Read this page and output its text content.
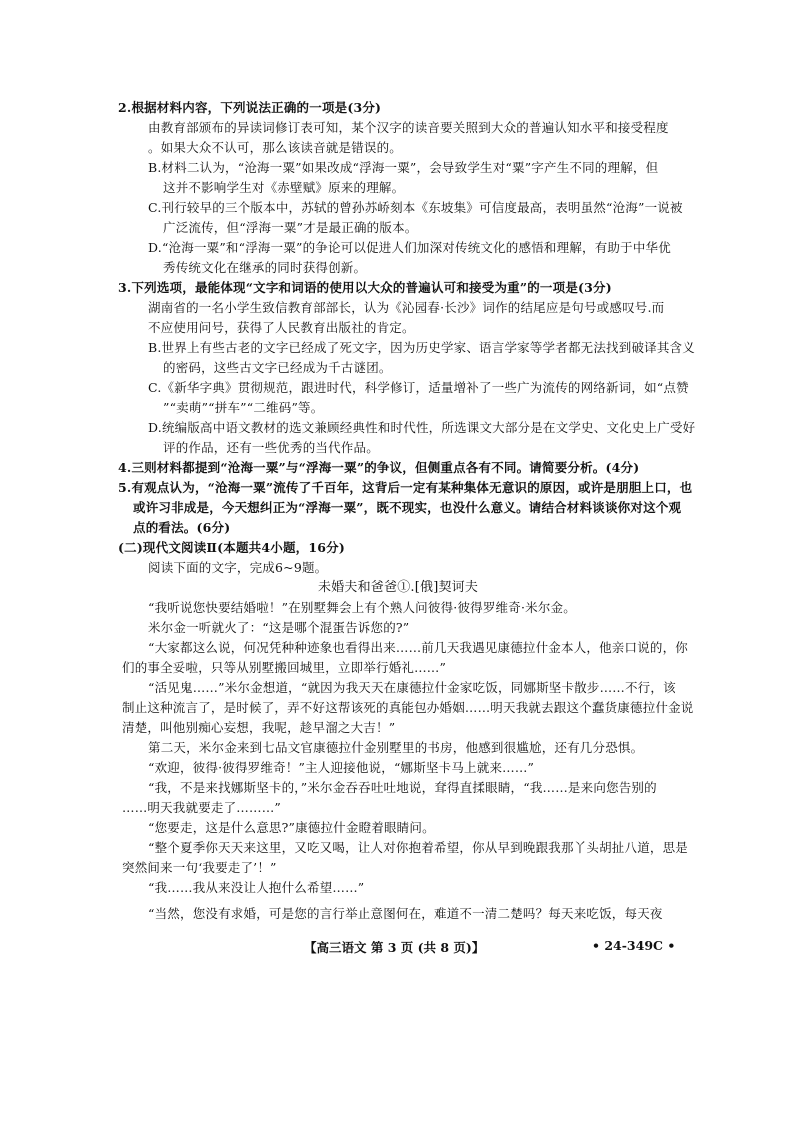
2.根据材料内容，下列说法正确的一项是(3分)
由教育部颁布的异读词修订表可知，某个汉字的读音要关照到大众的普遍认知水平和接受程度
。如果大众不认可，那么该读音就是错误的。
B.材料二认为，“沧海一粟”如果改成“浮海一粟”，会导致学生对“粟”字产生不同的理解，但
这并不影响学生对《赤壁赋》原来的理解。
C.刊行较早的三个版本中，苏轼的曾孙苏峤刻本《东坡集》可信度最高，表明虽然“沧海”一说被
广泛流传，但“浮海一粟”才是最正确的版本。
D.“沧海一粟”和“浮海一粟”的争论可以促进人们加深对传统文化的感悟和理解，有助于中华优
秀传统文化在继承的同时获得创新。
3.下列选项，最能体现“文字和词语的使用以大众的普遍认可和接受为重”的一项是(3分)
湖南省的一名小学生致信教育部部长，认为《沁园春·长沙》词作的结尾应是句号或感叹号.而
不应使用问号，获得了人民教育出版社的肯定。
B.世界上有些古老的文字已经成了死文字，因为历史学家、语言学家等学者都无法找到破译其含义
的密码，这些古文字已经成为千古谜团。
C.《新华字典》贯彻规范，跟进时代，科学修订，适量增补了一些广为流传的网络新词，如“点赞
”“卖萌”“拼车”“二维码”等。
D.统编版高中语文教材的选文兼顾经典性和时代性，所选课文大部分是在文学史、文化史上广受好
评的作品，还有一些优秀的当代作品。
4.三则材料都提到“沧海一粟”与“浮海一粟”的争议，但侧重点各有不同。请简要分析。(4分)
5.有观点认为，“沧海一粟”流传了千百年，这背后一定有某种集体无意识的原因，或许是朋胆上口，也
或许习非成是，今天想纠正为“浮海一粟”，既不现实，也没什么意义。请结合材料谈谈你对这个观
点的看法。(6分)
(二)现代文阅读Ⅱ(本题共4小题，16分)
阅读下面的文字，完成6~9题。
未婚夫和爸爸①.[俄]契诃夫
“我听说您快要结婚啦！”在别墅舞会上有个熟人问彼得·彼得罗维奇·米尔金。
米尔金一听就火了：“这是哪个混蛋告诉您的?”
“大家都这么说，何况凭种种迹象也看得出来……前几天我遇见康德拉什金本人，他亲口说的，你
们的事全妥啦，只等从别墅搬回城里，立即举行婚礼……”
“活见鬼……”米尔金想道，“就因为我天天在康德拉什金家吃饭，同娜斯坚卡散步……不行，该
制止这种流言了，是时候了，弄不好这帮该死的真能包办婚姻……明天我就去跟这个蠢货康德拉什金说
清楚，叫他别痴心妄想，我呢，趁早溜之大吉！”
第二天，米尔金来到七品文官康德拉什金别墅里的书房，他感到很尴尬，还有几分恐惧。
“欢迎，彼得·彼得罗维奇！”主人迎接他说，“娜斯坚卡马上就来……”
“我，不是来找娜斯坚卡的，”米尔金吞吞吐吐地说，耷得直揉眼睛，“我……是来向您告别的
……明天我就要走了………”
“您要走，这是什么意思?”康德拉什金瞪着眼睛问。
“整个夏季你天天来这里，又吃又喝，让人对你抱着希望，你从早到晚跟我那丫头胡扯八道，思是
突然间来一句‘我要走了’！”
“我……我从来没让人抱什么希望……”
“当然，您没有求婚，可是您的言行举止意图何在，难道不一清二楚吗？每天来吃饭，每天夜
【高三语文 第 3 页 (共 8 页)】	• 24-349C •
